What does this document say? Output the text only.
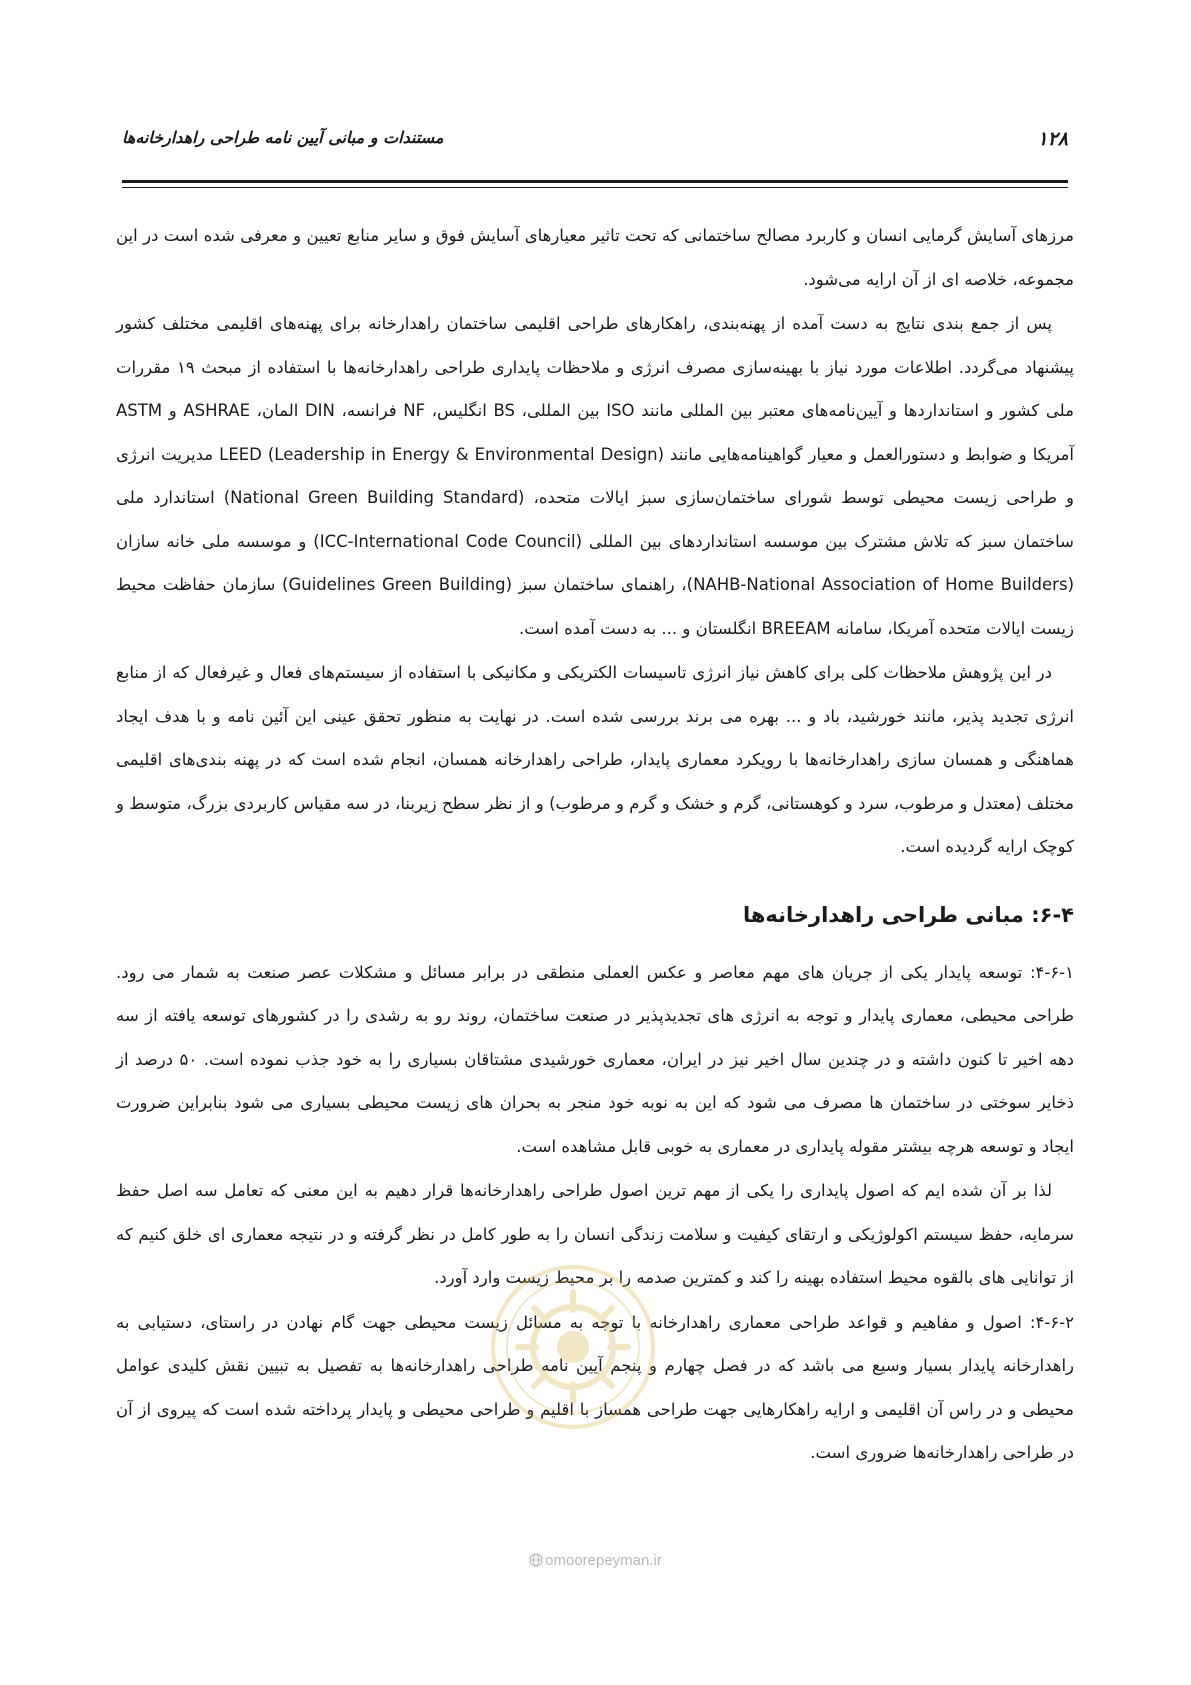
۱۲۸
مستندات و مبانی آیین نامه طراحی راهدارخانه‌ها

مرزهای آسایش گرمایی انسان و کاربرد مصالح ساختمانی که تحت تاثیر معیارهای آسایش فوق و سایر منابع تعیین و معرفی شده است در این مجموعه، خلاصه ای از آن ارایه می‌شود.

پس از جمع بندی نتایج به دست آمده از پهنه‌بندی، راهکارهای طراحی اقلیمی ساختمان راهدارخانه برای پهنه‌های اقلیمی مختلف کشور پیشنهاد می‌گردد. اطلاعات مورد نیاز با بهینه‌سازی مصرف انرژی و ملاحظات پایداری طراحی راهدارخانه‌ها با استفاده از مبحث ۱۹ مقررات ملی کشور و استانداردها و آیین‌نامه‌های معتبر بین المللی مانند ISO بین المللی، BS انگلیس، NF فرانسه، DIN المان، ASHRAE و ASTM آمریکا و ضوابط و دستورالعمل و معیار گواهینامه‌هایی مانند LEED (Leadership in Energy & Environmental Design) مدیریت انرژی و طراحی زیست محیطی توسط شورای ساختمان‌سازی سبز ایالات متحده، (National Green Building Standard) استاندارد ملی ساختمان سبز که تلاش مشترک بین موسسه استانداردهای بین المللی (ICC-International Code Council) و موسسه ملی خانه سازان (NAHB-National Association of Home Builders)، راهنمای ساختمان سبز (Guidelines Green Building) سازمان حفاظت محیط زیست ایالات متحده آمریکا، سامانه BREEAM انگلستان و ... به دست آمده است.

در این پژوهش ملاحظات کلی برای کاهش نیاز انرژی تاسیسات الکتریکی و مکانیکی با استفاده از سیستم‌های فعال و غیرفعال که از منابع انرژی تجدید پذیر، مانند خورشید، باد و ... بهره می برند بررسی شده است. در نهایت به منظور تحقق عینی این آئین نامه و با هدف ایجاد هماهنگی و همسان سازی راهدارخانه‌ها با رویکرد معماری پایدار، طراحی راهدارخانه همسان، انجام شده است که در پهنه بندی‌های اقلیمی مختلف (معتدل و مرطوب، سرد و کوهستانی، گرم و خشک و گرم و مرطوب) و از نظر سطح زیربنا، در سه مقیاس کاربردی بزرگ، متوسط و کوچک ارایه گردیده است.

۶-۴: مبانی طراحی راهدارخانه‌ها

۴-۶-۱: توسعه پایدار یکی از جریان های مهم معاصر و عکس العملی منطقی در برابر مسائل و مشکلات عصر صنعت به شمار می رود. طراحی محیطی، معماری پایدار و توجه به انرژی های تجدیدپذیر در صنعت ساختمان، روند رو به رشدی را در کشورهای توسعه یافته از سه دهه اخیر تا کنون داشته و در چندین سال اخیر نیز در ایران، معماری خورشیدی مشتاقان بسیاری را به خود جذب نموده است. ۵۰ درصد از ذخایر سوختی در ساختمان ها مصرف می شود که این به نوبه خود منجر به بحران های زیست محیطی بسیاری می شود بنابراین ضرورت ایجاد و توسعه هرچه بیشتر مقوله پایداری در معماری به خوبی قابل مشاهده است.

لذا بر آن شده ایم که اصول پایداری را یکی از مهم ترین اصول طراحی راهدارخانه‌ها قرار دهیم به این معنی که تعامل سه اصل حفظ سرمایه، حفظ سیستم اکولوژیکی و ارتقای کیفیت و سلامت زندگی انسان را به طور کامل در نظر گرفته و در نتیجه معماری ای خلق کنیم که از توانایی های بالقوه محیط استفاده بهینه را کند و کمترین صدمه را بر محیط زیست وارد آورد.

۴-۶-۲: اصول و مفاهیم و قواعد طراحی معماری راهدارخانه با توجه به مسائل زیست محیطی جهت گام نهادن در راستای، دستیابی به راهدارخانه پایدار بسیار وسیع می باشد که در فصل چهارم و پنجم آیین نامه طراحی راهدارخانه‌ها به تفصیل به تبیین نقش کلیدی عوامل محیطی و در راس آن اقلیمی و ارایه راهکارهایی جهت طراحی همساز با اقلیم و طراحی محیطی و پایدار پرداخته شده است که پیروی از آن در طراحی راهدارخانه‌ها ضروری است.

omoorepeyman.ir
